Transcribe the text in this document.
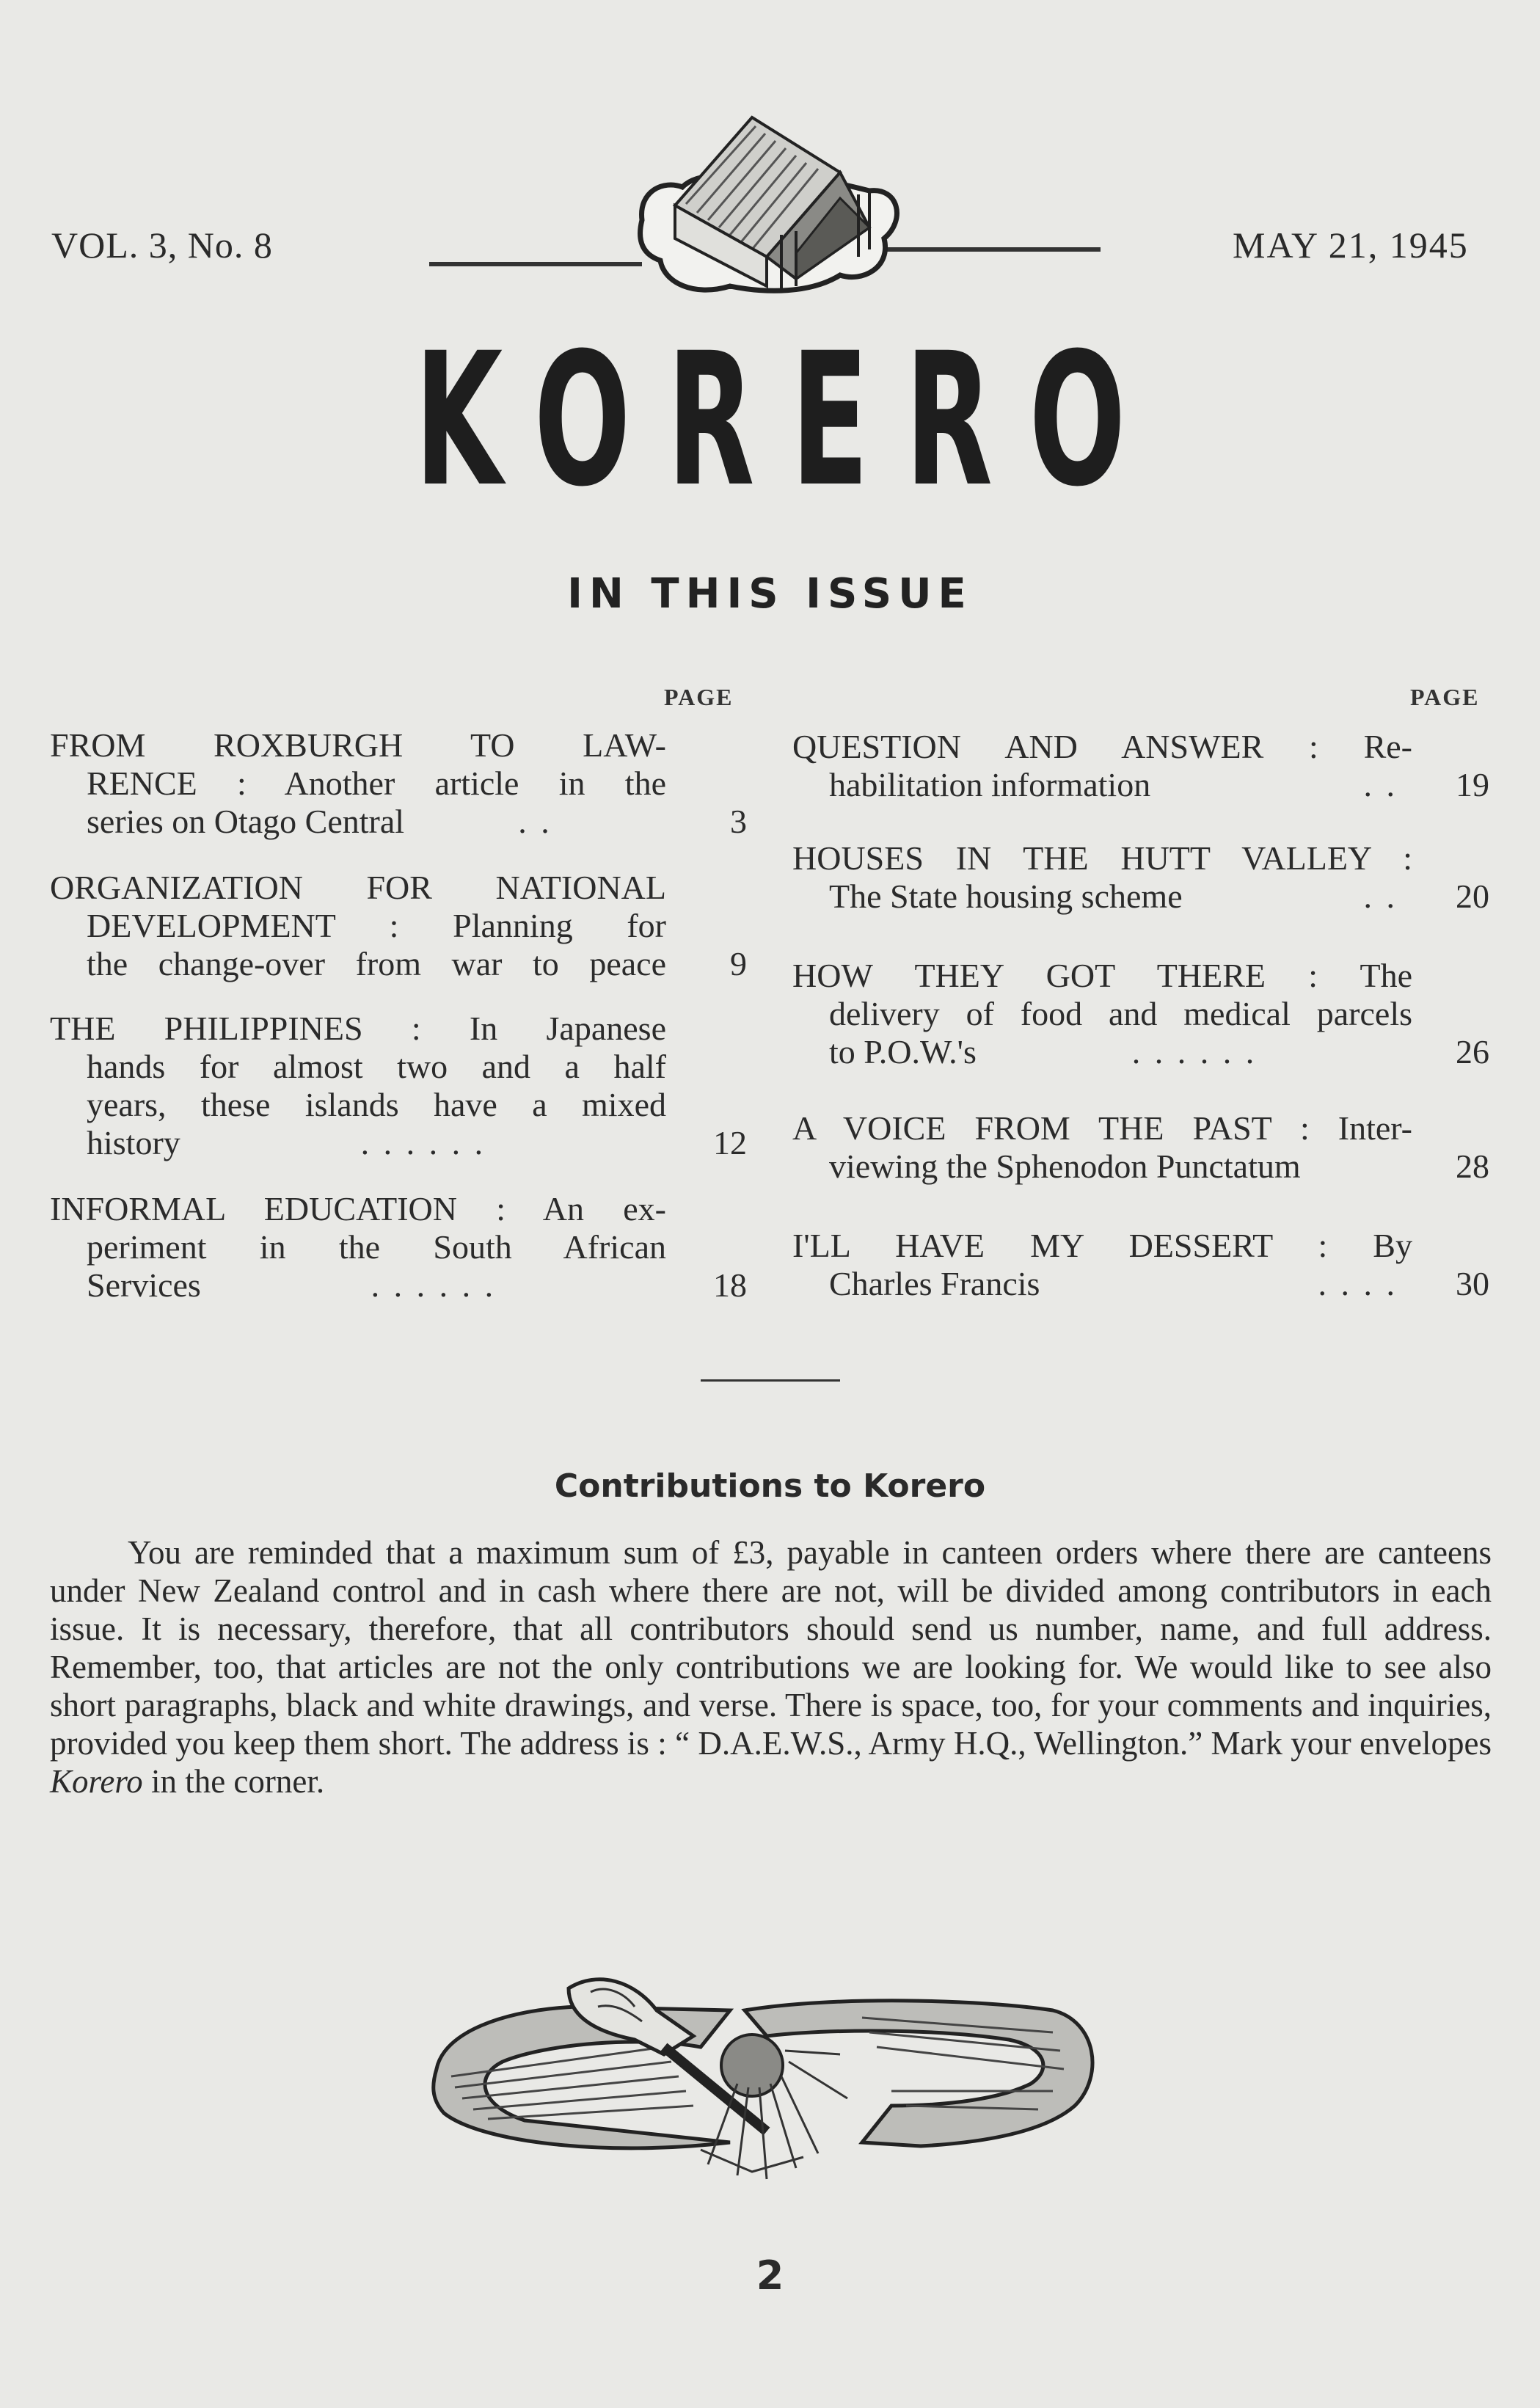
VOL. 3, No. 8	MAY 21, 1945
KORERO
IN THIS ISSUE
PAGE	PAGE
FROM ROXBURGH TO LAW-
RENCE : Another article in the
series on Otago Central	. .	3
ORGANIZATION FOR NATIONAL
DEVELOPMENT : Planning for
the change-over from war to peace	9
THE PHILIPPINES : In Japanese
hands for almost two and a half
years, these islands have a mixed
history	. . . . . .	12
INFORMAL EDUCATION : An ex-
periment in the South African
Services	. . . . . .	18
QUESTION AND ANSWER : Re-
habilitation information	. .	19
HOUSES IN THE HUTT VALLEY :
The State housing scheme	. .	20
HOW THEY GOT THERE : The
delivery of food and medical parcels
to P.O.W.'s	. . . . . .	26
A VOICE FROM THE PAST : Inter-
viewing the Sphenodon Punctatum	28
I'LL HAVE MY DESSERT : By
Charles Francis	. . . .	30
Contributions to Korero
You are reminded that a maximum sum of £3, payable in canteen orders where there are canteens under New Zealand control and in cash where there are not, will be divided among contributors in each issue. It is necessary, therefore, that all contributors should send us number, name, and full address. Remember, too, that articles are not the only contributions we are looking for. We would like to see also short paragraphs, black and white drawings, and verse. There is space, too, for your comments and inquiries, provided you keep them short. The address is : “ D.A.E.W.S., Army H.Q., Wellington.” Mark your envelopes Korero in the corner.
2
